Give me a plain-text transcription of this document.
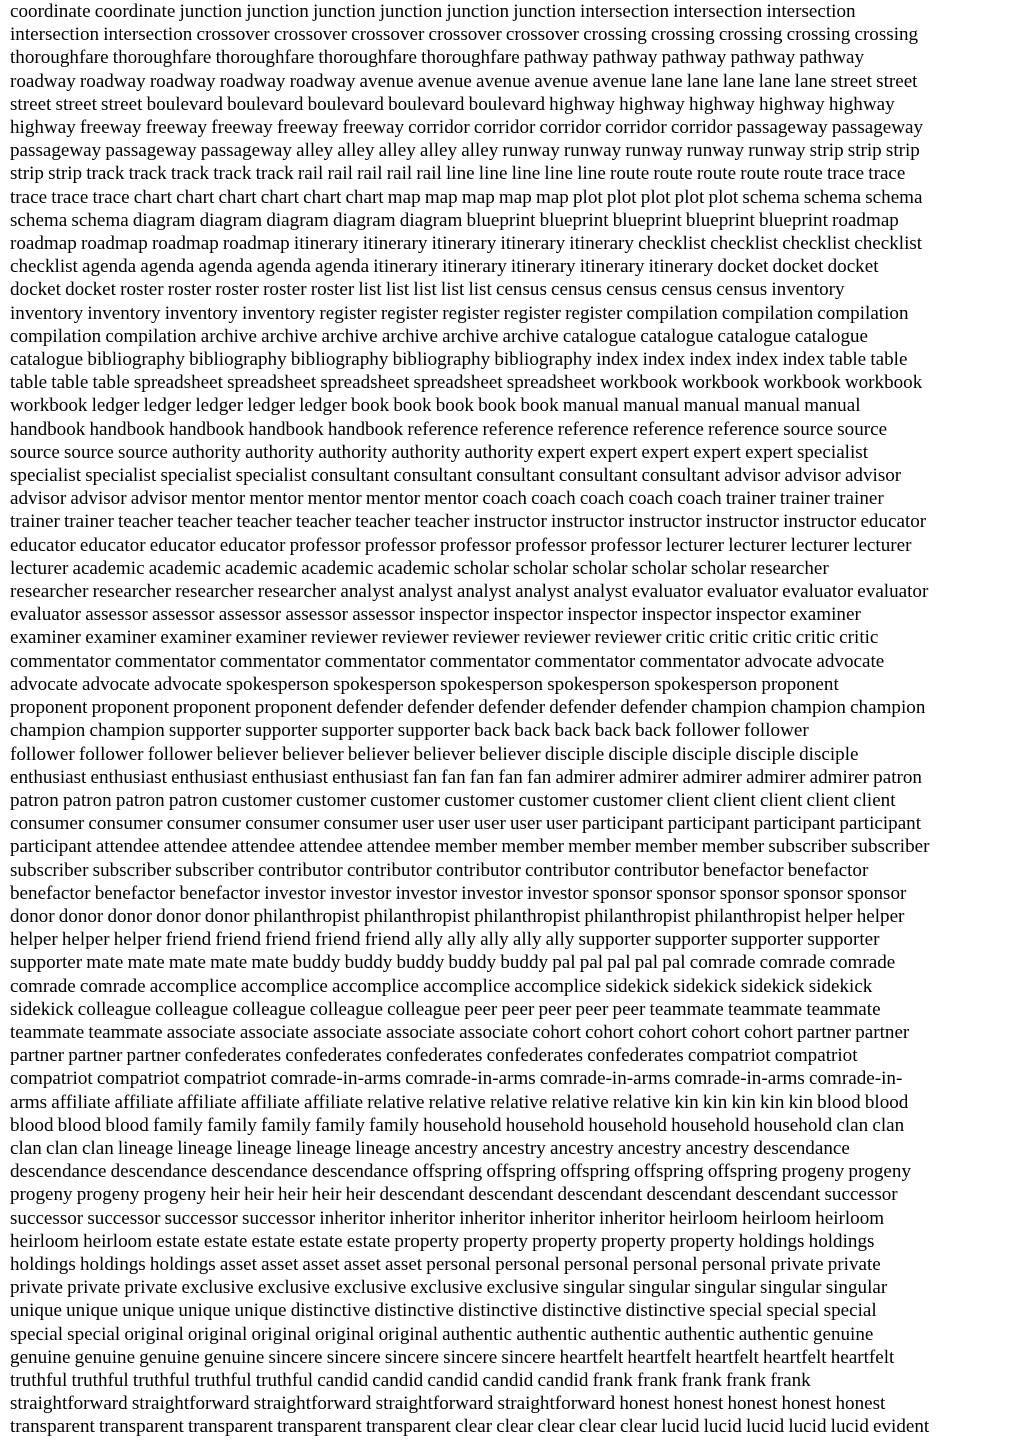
coordinate coordinate junction junction junction junction junction junction intersection intersection intersection
intersection intersection crossover crossover crossover crossover crossover crossing crossing crossing crossing crossing
thoroughfare thoroughfare thoroughfare thoroughfare thoroughfare pathway pathway pathway pathway pathway
roadway roadway roadway roadway roadway avenue avenue avenue avenue avenue lane lane lane lane lane street street
street street street boulevard boulevard boulevard boulevard boulevard highway highway highway highway highway
highway freeway freeway freeway freeway freeway corridor corridor corridor corridor corridor passageway passageway
passageway passageway passageway alley alley alley alley alley runway runway runway runway runway strip strip strip
strip strip track track track track track rail rail rail rail rail line line line line line route route route route route trace trace
trace trace trace chart chart chart chart chart chart map map map map map plot plot plot plot plot schema schema schema
schema schema diagram diagram diagram diagram diagram blueprint blueprint blueprint blueprint blueprint roadmap
roadmap roadmap roadmap roadmap itinerary itinerary itinerary itinerary itinerary checklist checklist checklist checklist
checklist agenda agenda agenda agenda agenda itinerary itinerary itinerary itinerary itinerary docket docket docket
docket docket roster roster roster roster roster list list list list list census census census census census inventory
inventory inventory inventory inventory register register register register register compilation compilation compilation
compilation compilation archive archive archive archive archive archive catalogue catalogue catalogue catalogue
catalogue bibliography bibliography bibliography bibliography bibliography index index index index index table table
table table table spreadsheet spreadsheet spreadsheet spreadsheet spreadsheet workbook workbook workbook workbook
workbook ledger ledger ledger ledger ledger book book book book book manual manual manual manual manual
handbook handbook handbook handbook handbook reference reference reference reference reference source source
source source source authority authority authority authority authority expert expert expert expert expert specialist
specialist specialist specialist specialist consultant consultant consultant consultant consultant advisor advisor advisor
advisor advisor advisor mentor mentor mentor mentor mentor coach coach coach coach coach trainer trainer trainer
trainer trainer teacher teacher teacher teacher teacher teacher instructor instructor instructor instructor instructor educator
educator educator educator educator professor professor professor professor professor lecturer lecturer lecturer lecturer
lecturer academic academic academic academic academic scholar scholar scholar scholar scholar researcher
researcher researcher researcher researcher analyst analyst analyst analyst analyst evaluator evaluator evaluator evaluator
evaluator assessor assessor assessor assessor assessor inspector inspector inspector inspector inspector examiner
examiner examiner examiner examiner reviewer reviewer reviewer reviewer reviewer critic critic critic critic critic
commentator commentator commentator commentator commentator commentator commentator advocate advocate
advocate advocate advocate spokesperson spokesperson spokesperson spokesperson spokesperson proponent
proponent proponent proponent proponent defender defender defender defender defender champion champion champion
champion champion supporter supporter supporter supporter back back back back back follower follower
follower follower follower believer believer believer believer believer disciple disciple disciple disciple disciple
enthusiast enthusiast enthusiast enthusiast enthusiast fan fan fan fan fan admirer admirer admirer admirer admirer patron
patron patron patron patron customer customer customer customer customer customer client client client client client
consumer consumer consumer consumer consumer user user user user user participant participant participant participant
participant attendee attendee attendee attendee attendee member member member member member subscriber subscriber
subscriber subscriber subscriber contributor contributor contributor contributor contributor benefactor benefactor
benefactor benefactor benefactor investor investor investor investor investor sponsor sponsor sponsor sponsor sponsor
donor donor donor donor donor philanthropist philanthropist philanthropist philanthropist philanthropist helper helper
helper helper helper friend friend friend friend friend ally ally ally ally ally supporter supporter supporter supporter
supporter mate mate mate mate mate buddy buddy buddy buddy buddy pal pal pal pal pal comrade comrade comrade
comrade comrade accomplice accomplice accomplice accomplice accomplice sidekick sidekick sidekick sidekick
sidekick colleague colleague colleague colleague colleague peer peer peer peer peer teammate teammate teammate
teammate teammate associate associate associate associate associate cohort cohort cohort cohort cohort partner partner
partner partner partner confederates confederates confederates confederates confederates compatriot compatriot
compatriot compatriot compatriot comrade-in-arms comrade-in-arms comrade-in-arms comrade-in-arms comrade-in-
arms affiliate affiliate affiliate affiliate affiliate relative relative relative relative relative kin kin kin kin kin blood blood
blood blood blood family family family family family household household household household household clan clan
clan clan clan lineage lineage lineage lineage lineage ancestry ancestry ancestry ancestry ancestry descendance
descendance descendance descendance descendance offspring offspring offspring offspring offspring progeny progeny
progeny progeny progeny heir heir heir heir heir descendant descendant descendant descendant descendant successor
successor successor successor successor inheritor inheritor inheritor inheritor inheritor heirloom heirloom heirloom
heirloom heirloom estate estate estate estate estate property property property property property holdings holdings
holdings holdings holdings asset asset asset asset asset personal personal personal personal personal private private
private private private exclusive exclusive exclusive exclusive exclusive singular singular singular singular singular
unique unique unique unique unique distinctive distinctive distinctive distinctive distinctive special special special
special special original original original original original authentic authentic authentic authentic authentic genuine
genuine genuine genuine genuine sincere sincere sincere sincere sincere heartfelt heartfelt heartfelt heartfelt heartfelt
truthful truthful truthful truthful truthful candid candid candid candid candid frank frank frank frank frank
straightforward straightforward straightforward straightforward straightforward honest honest honest honest honest
transparent transparent transparent transparent transparent clear clear clear clear clear lucid lucid lucid lucid lucid evident
